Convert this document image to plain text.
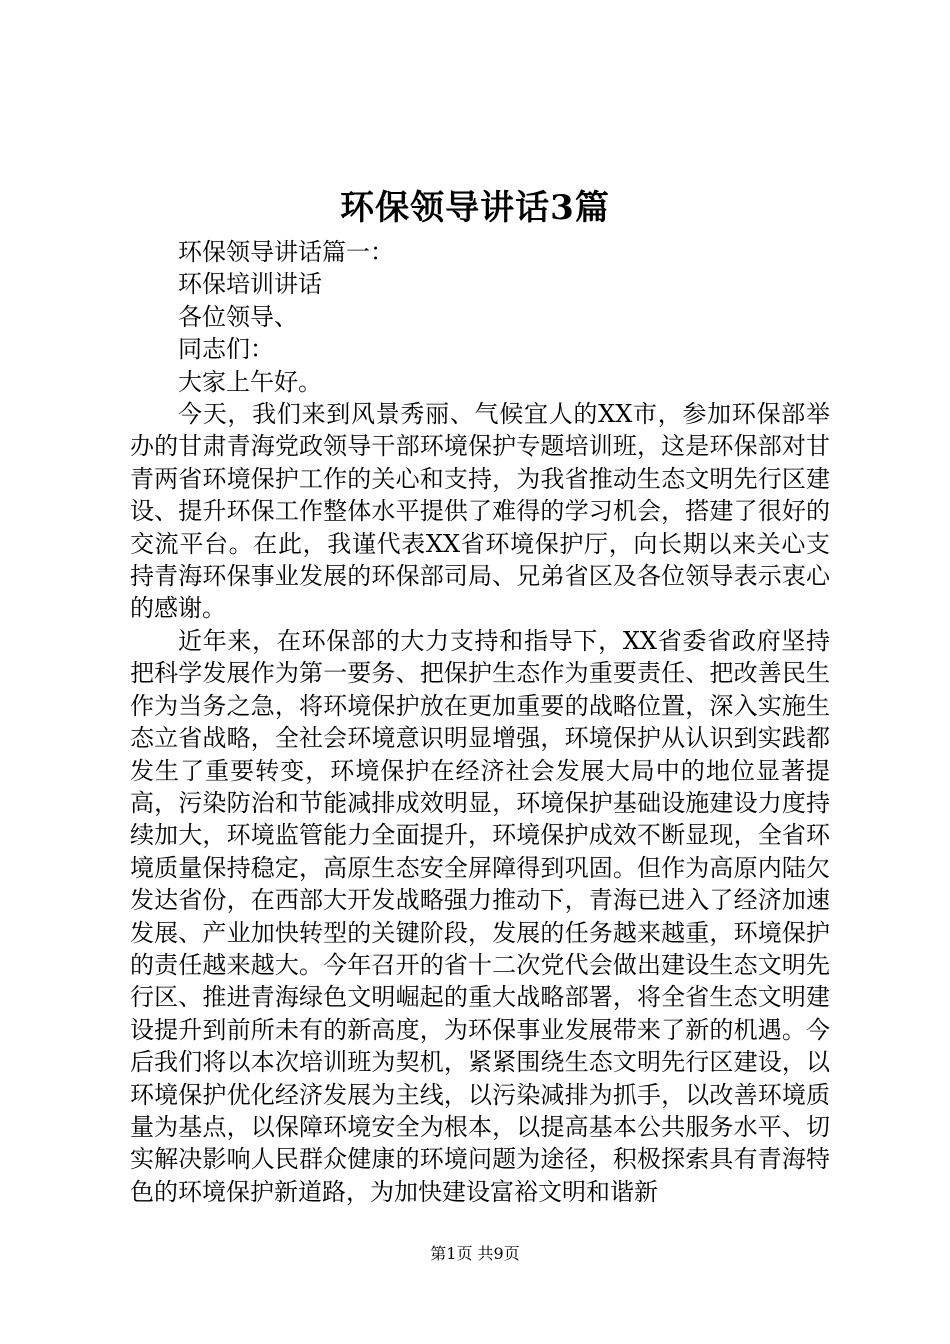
环保领导讲话3篇

环保领导讲话篇一：

环保培训讲话

各位领导、

同志们：

大家上午好。

今天，我们来到风景秀丽、气候宜人的XX市，参加环保部举办的甘肃青海党政领导干部环境保护专题培训班，这是环保部对甘青两省环境保护工作的关心和支持，为我省推动生态文明先行区建设、提升环保工作整体水平提供了难得的学习机会，搭建了很好的交流平台。在此，我谨代表XX省环境保护厅，向长期以来关心支持青海环保事业发展的环保部司局、兄弟省区及各位领导表示衷心的感谢。

近年来，在环保部的大力支持和指导下，XX省委省政府坚持把科学发展作为第一要务、把保护生态作为重要责任、把改善民生作为当务之急，将环境保护放在更加重要的战略位置，深入实施生态立省战略，全社会环境意识明显增强，环境保护从认识到实践都发生了重要转变，环境保护在经济社会发展大局中的地位显著提高，污染防治和节能减排成效明显，环境保护基础设施建设力度持续加大，环境监管能力全面提升，环境保护成效不断显现，全省环境质量保持稳定，高原生态安全屏障得到巩固。但作为高原内陆欠发达省份，在西部大开发战略强力推动下，青海已进入了经济加速发展、产业加快转型的关键阶段，发展的任务越来越重，环境保护的责任越来越大。今年召开的省十二次党代会做出建设生态文明先行区、推进青海绿色文明崛起的重大战略部署，将全省生态文明建设提升到前所未有的新高度，为环保事业发展带来了新的机遇。今后我们将以本次培训班为契机，紧紧围绕生态文明先行区建设，以环境保护优化经济发展为主线，以污染减排为抓手，以改善环境质量为基点，以保障环境安全为根本，以提高基本公共服务水平、切实解决影响人民群众健康的环境问题为途径，积极探索具有青海特色的环境保护新道路，为加快建设富裕文明和谐新

第1页 共9页
